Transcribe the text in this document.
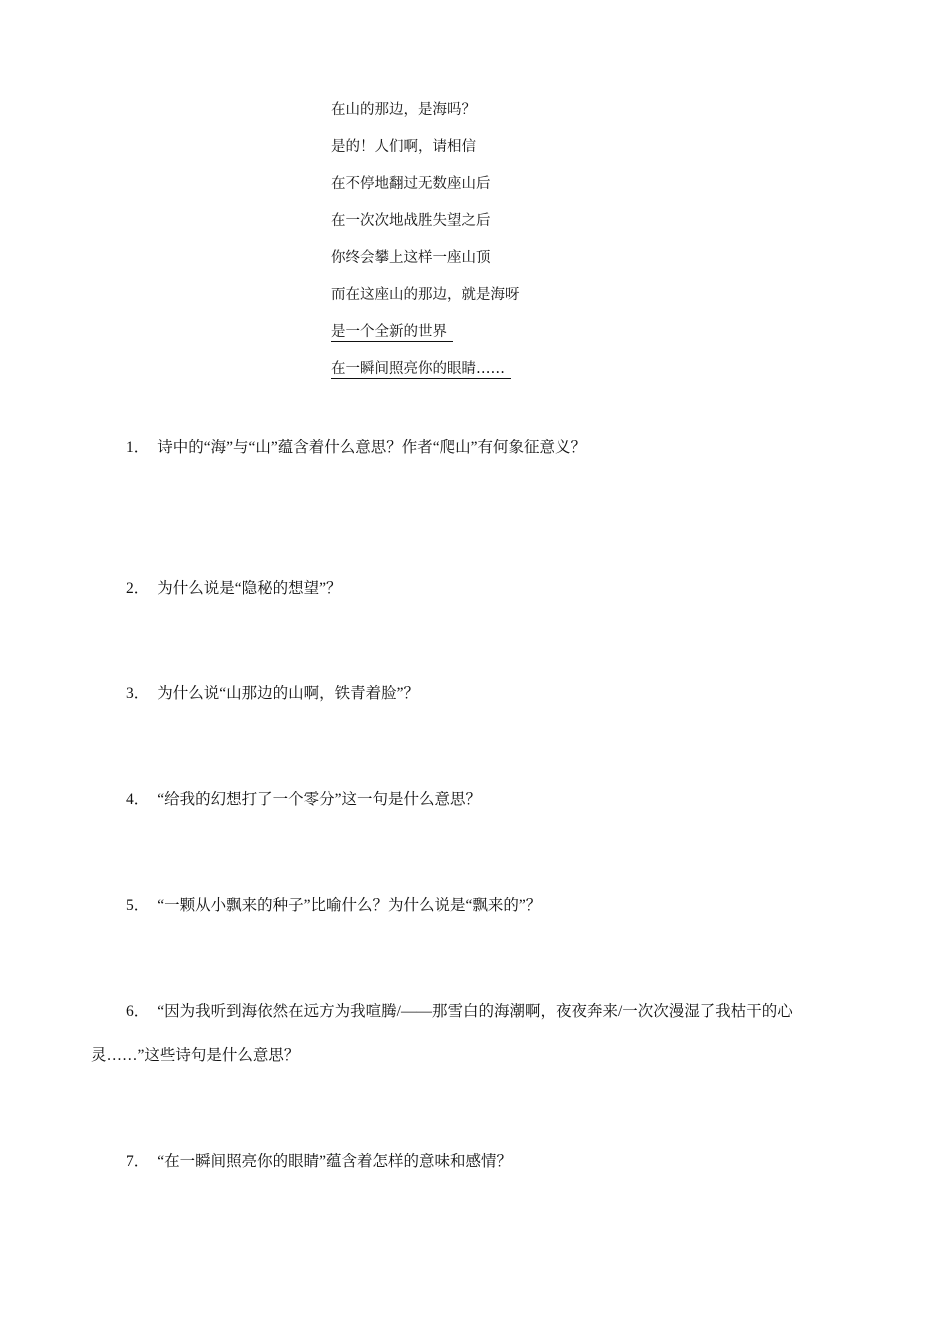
在山的那边，是海吗？
是的！人们啊，请相信
在不停地翻过无数座山后
在一次次地战胜失望之后
你终会攀上这样一座山顶
而在这座山的那边，就是海呀
是一个全新的世界
在一瞬间照亮你的眼睛……
1． 诗中的“海”与“山”蕴含着什么意思？作者“爬山”有何象征意义？
2． 为什么说是“隐秘的想望”？
3． 为什么说“山那边的山啊，铁青着脸”？
4． “给我的幻想打了一个零分”这一句是什么意思？
5． “一颗从小飘来的种子”比喻什么？为什么说是“飘来的”？
6． “因为我听到海依然在远方为我喧腾/——那雪白的海潮啊，夜夜奔来/一次次漫湿了我枯干的心
灵……”这些诗句是什么意思？
7． “在一瞬间照亮你的眼睛”蕴含着怎样的意味和感情？
